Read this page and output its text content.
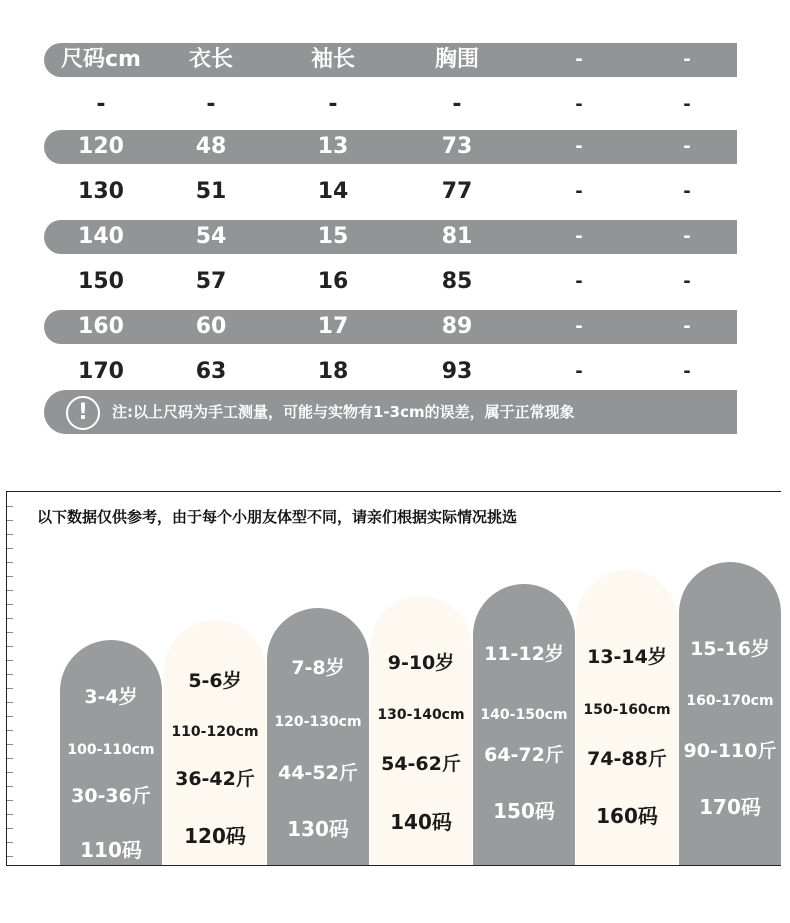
尺码cm	衣长	袖长	胸围	-	-
-	-	-	-	-	-
120	48	13	73	-	-
130	51	14	77	-	-
140	54	15	81	-	-
150	57	16	85	-	-
160	60	17	89	-	-
170	63	18	93	-	-
!	注:以上尺码为手工测量，可能与实物有1-3cm的误差，属于正常现象
以下数据仅供参考，由于每个小朋友体型不同，请亲们根据实际情况挑选
3-4岁
100-110cm
30-36斤
110码
5-6岁
110-120cm
36-42斤
120码
7-8岁
120-130cm
44-52斤
130码
9-10岁
130-140cm
54-62斤
140码
11-12岁
140-150cm
64-72斤
150码
13-14岁
150-160cm
74-88斤
160码
15-16岁
160-170cm
90-110斤
170码
